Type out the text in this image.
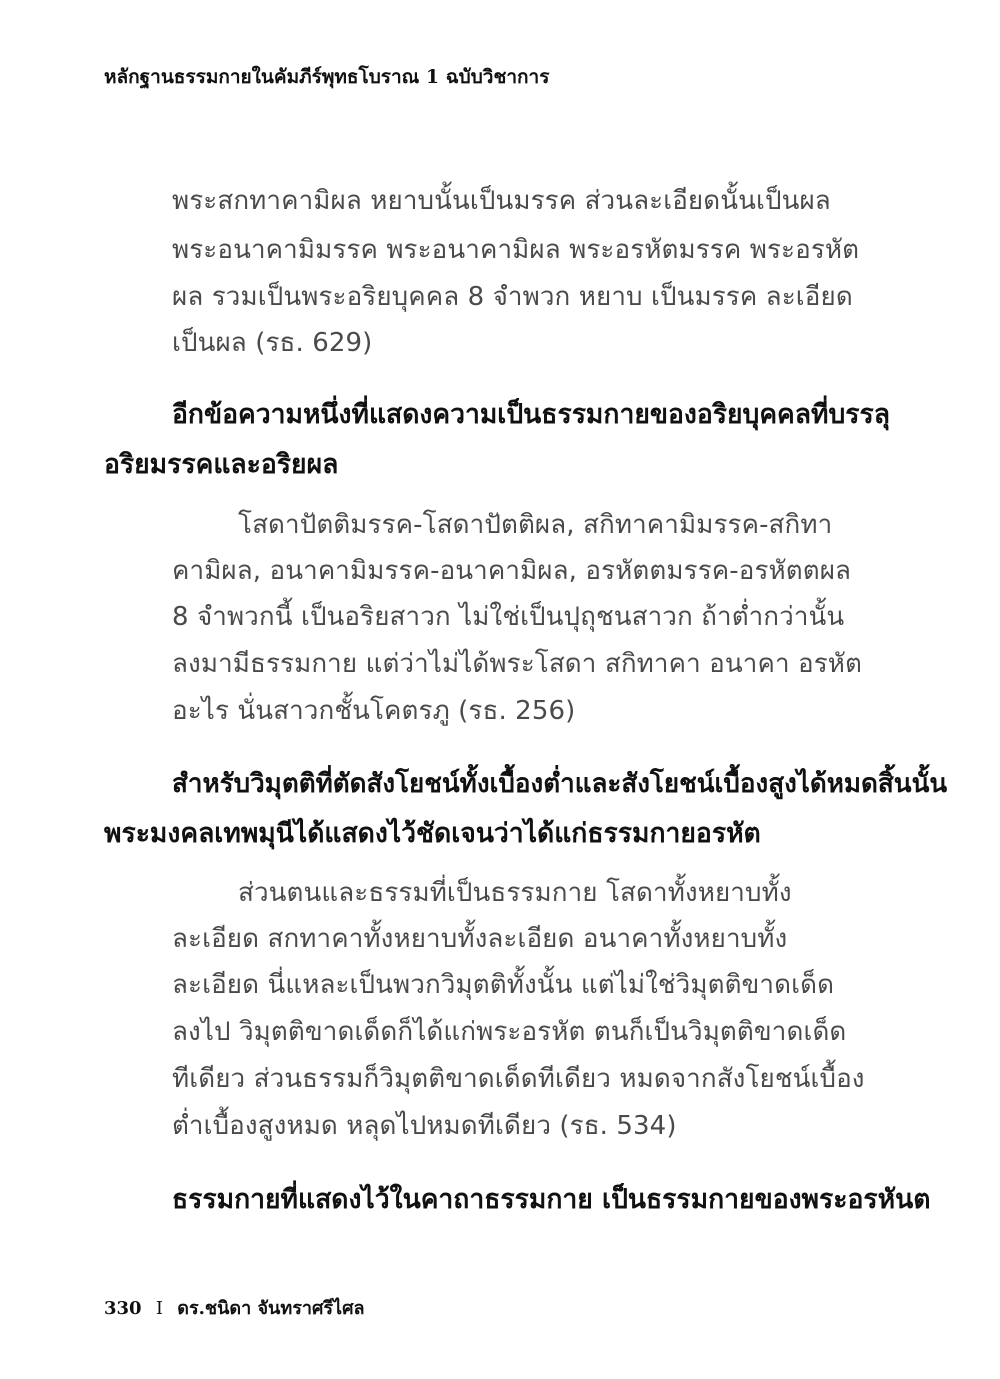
หลักฐานธรรมกายในคัมภีร์พุทธโบราณ 1 ฉบับวิชาการ
พระสกทาคามิผล หยาบนั้นเป็นมรรค ส่วนละเอียดนั้นเป็นผล
พระอนาคามิมรรค พระอนาคามิผล พระอรหัตมรรค พระอรหัต
ผล รวมเป็นพระอริยบุคคล 8 จำพวก หยาบ เป็นมรรค ละเอียด
เป็นผล (รธ. 629)
อีกข้อความหนึ่งที่แสดงความเป็นธรรมกายของอริยบุคคลที่บรรลุ
อริยมรรคและอริยผล
โสดาปัตติมรรค-โสดาปัตติผล, สกิทาคามิมรรค-สกิทา
คามิผล, อนาคามิมรรค-อนาคามิผล, อรหัตตมรรค-อรหัตตผล
8 จำพวกนี้ เป็นอริยสาวก ไม่ใช่เป็นปุถุชนสาวก ถ้าต่ำกว่านั้น
ลงมามีธรรมกาย แต่ว่าไม่ได้พระโสดา สกิทาคา อนาคา อรหัต
อะไร นั่นสาวกชั้นโคตรภู (รธ. 256)
สำหรับวิมุตติที่ตัดสังโยชน์ทั้งเบื้องต่ำและสังโยชน์เบื้องสูงได้หมดสิ้นนั้น
พระมงคลเทพมุนีได้แสดงไว้ชัดเจนว่าได้แก่ธรรมกายอรหัต
ส่วนตนและธรรมที่เป็นธรรมกาย โสดาทั้งหยาบทั้ง
ละเอียด สกทาคาทั้งหยาบทั้งละเอียด อนาคาทั้งหยาบทั้ง
ละเอียด นี่แหละเป็นพวกวิมุตติทั้งนั้น แต่ไม่ใช่วิมุตติขาดเด็ด
ลงไป วิมุตติขาดเด็ดก็ได้แก่พระอรหัต ตนก็เป็นวิมุตติขาดเด็ด
ทีเดียว ส่วนธรรมก็วิมุตติขาดเด็ดทีเดียว หมดจากสังโยชน์เบื้อง
ต่ำเบื้องสูงหมด หลุดไปหมดทีเดียว (รธ. 534)
ธรรมกายที่แสดงไว้ในคาถาธรรมกาย เป็นธรรมกายของพระอรหันต
330 I ดร.ชนิดา จันทราศรีไศล
